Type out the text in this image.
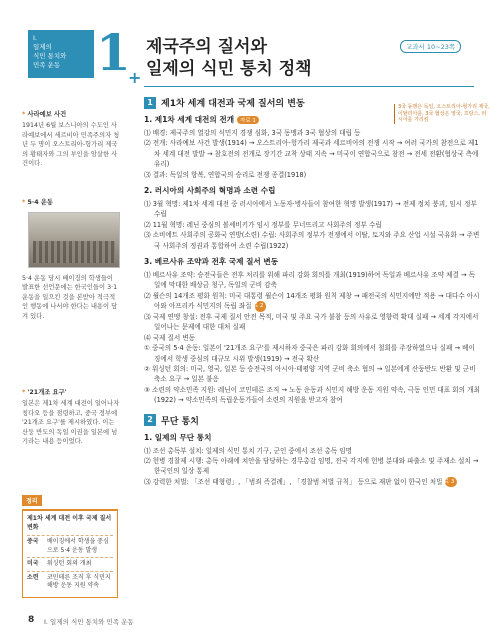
I.
일제의
식민 통치와
민족 운동 1
* 사라예보 사건
1914년 6월 보스니아의 수도인 사라예보에서 세르비아 민족주의자 청년 두 명이 오스트리아-헝가리 제국의 황태자와 그의 부인을 암살한 사건이다.
* 5·4 운동
5·4 운동 당시 베이징의 학생들이 발표한 선언문에는 한국인들이 3·1 운동을 일으킨 것을 본받아 적극적인 행동에 나서야 한다는 내용이 담겨 있다.
* '21개조 요구'
일본은 제1차 세계 대전이 일어나자 칭다오 등을 점령하고, 중국 정부에 '21개조 요구'를 제시하였다. 이는 산둥 반도의 독일 이권을 일본에 넘기라는 내용 등이었다.
정리
제1차 세계 대전 이후 국제 질서 변화
중국	베이징에서 학생을 중심으로 5·4 운동 발생
미국	워싱턴 회의 개최
소련	코민테른 조직 후 식민지 해방 운동 지원 약속
+
제국주의 질서와
일제의 식민 통치 정책
교과서 10~23쪽
3국 동맹은 독일, 오스트리아-헝가리 제국, 이탈리아를, 3국 협상은 영국, 프랑스, 러시아를 가리킴
1 제1차 세계 대전과 국제 질서의 변동
1. 제1차 세계 대전의 전개 자료 1
⑴ 배경: 제국주의 열강의 식민지 경쟁 심화, 3국 동맹과 3국 협상의 대립 등
⑵ 전개: 사라예보 사건 발생(1914) → 오스트리아-헝가리 제국과 세르비아의 전쟁 시작 → 여러 국가의 참전으로 제1차 세계 대전 발발 → 참호전의 전개로 장기간 교착 상태 지속 → 미국이 연합국으로 참전 → 전세 전환(협상국 측에 유리)
⑶ 결과: 독일의 항복, 연합국의 승리로 전쟁 종결(1918)
2. 러시아의 사회주의 혁명과 소련 수립
⑴ 3월 혁명: 제1차 세계 대전 중 러시아에서 노동자·병사들이 참여한 혁명 발생(1917) → 전제 정치 붕괴, 임시 정부 수립
⑵ 11월 혁명: 레닌 중심의 볼셰비키가 임시 정부를 무너뜨리고 사회주의 정부 수립
⑶ 소비에트 사회주의 공화국 연방(소련) 수립: 사회주의 정부가 전쟁에서 이탈, 토지와 주요 산업 시설 국유화 → 주변국 사회주의 정권과 통합하여 소련 수립(1922)
3. 베르사유 조약과 전후 국제 질서 변동
⑴ 베르사유 조약: 승전국들은 전후 처리를 위해 파리 강화 회의를 개최(1919)하여 독일과 베르사유 조약 체결 → 독일에 막대한 배상금 청구, 독일의 군비 감축
⑵ 윌슨의 14개조 평화 원칙: 미국 대통령 윌슨이 14개조 평화 원칙 제창 → 패전국의 식민지에만 적용 → 대다수 아시아와 아프리카 식민지의 독립 좌절자료 2
⑶ 국제 연맹 창설: 전후 국제 질서 안전 목적, 미국 및 주요 국가 불참 등의 사유로 영향력 확대 실패 → 세계 각지에서 일어나는 문제에 대한 대처 실패
⑷ 국제 질서 변동
① 중국의 5·4 운동: 일본이 '21개조 요구'를 제시하자 중국은 파리 강화 회의에서 철회를 주장하였으나 실패 → 베이징에서 학생 중심의 대규모 시위 발생(1919) → 전국 확산
② 워싱턴 회의: 미국, 영국, 일본 등 승전국의 아시아·태평양 지역 군비 축소 협의 → 일본에게 산둥반도 반환 및 군비 축소 요구 → 일본 불응
③ 소련의 약소민족 지원: 레닌이 코민테른 조직 → 노동 운동과 식민지 해방 운동 지원 약속, 극동 인민 대표 회의 개최(1922) → 약소민족의 독립운동가들이 소련의 지원을 받고자 참여
2 무단 통치
1. 일제의 무단 통치
⑴ 조선 총독부 설치: 일제의 식민 통치 기구, 군인 중에서 조선 총독 임명
⑵ 헌병 경찰제 시행: 총독 아래에 치안을 담당하는 경무총감 임명, 전국 각지에 헌병 분대와 파출소 및 주재소 설치 → 한국인의 일상 통제
⑶ 강력한 처벌: 「조선 태형령」, 「범죄 즉결례」, 「경찰범 처벌 규칙」 등으로 재판 없이 한국인 처벌자료 3
8 I. 일제의 식민 통치와 민족 운동
